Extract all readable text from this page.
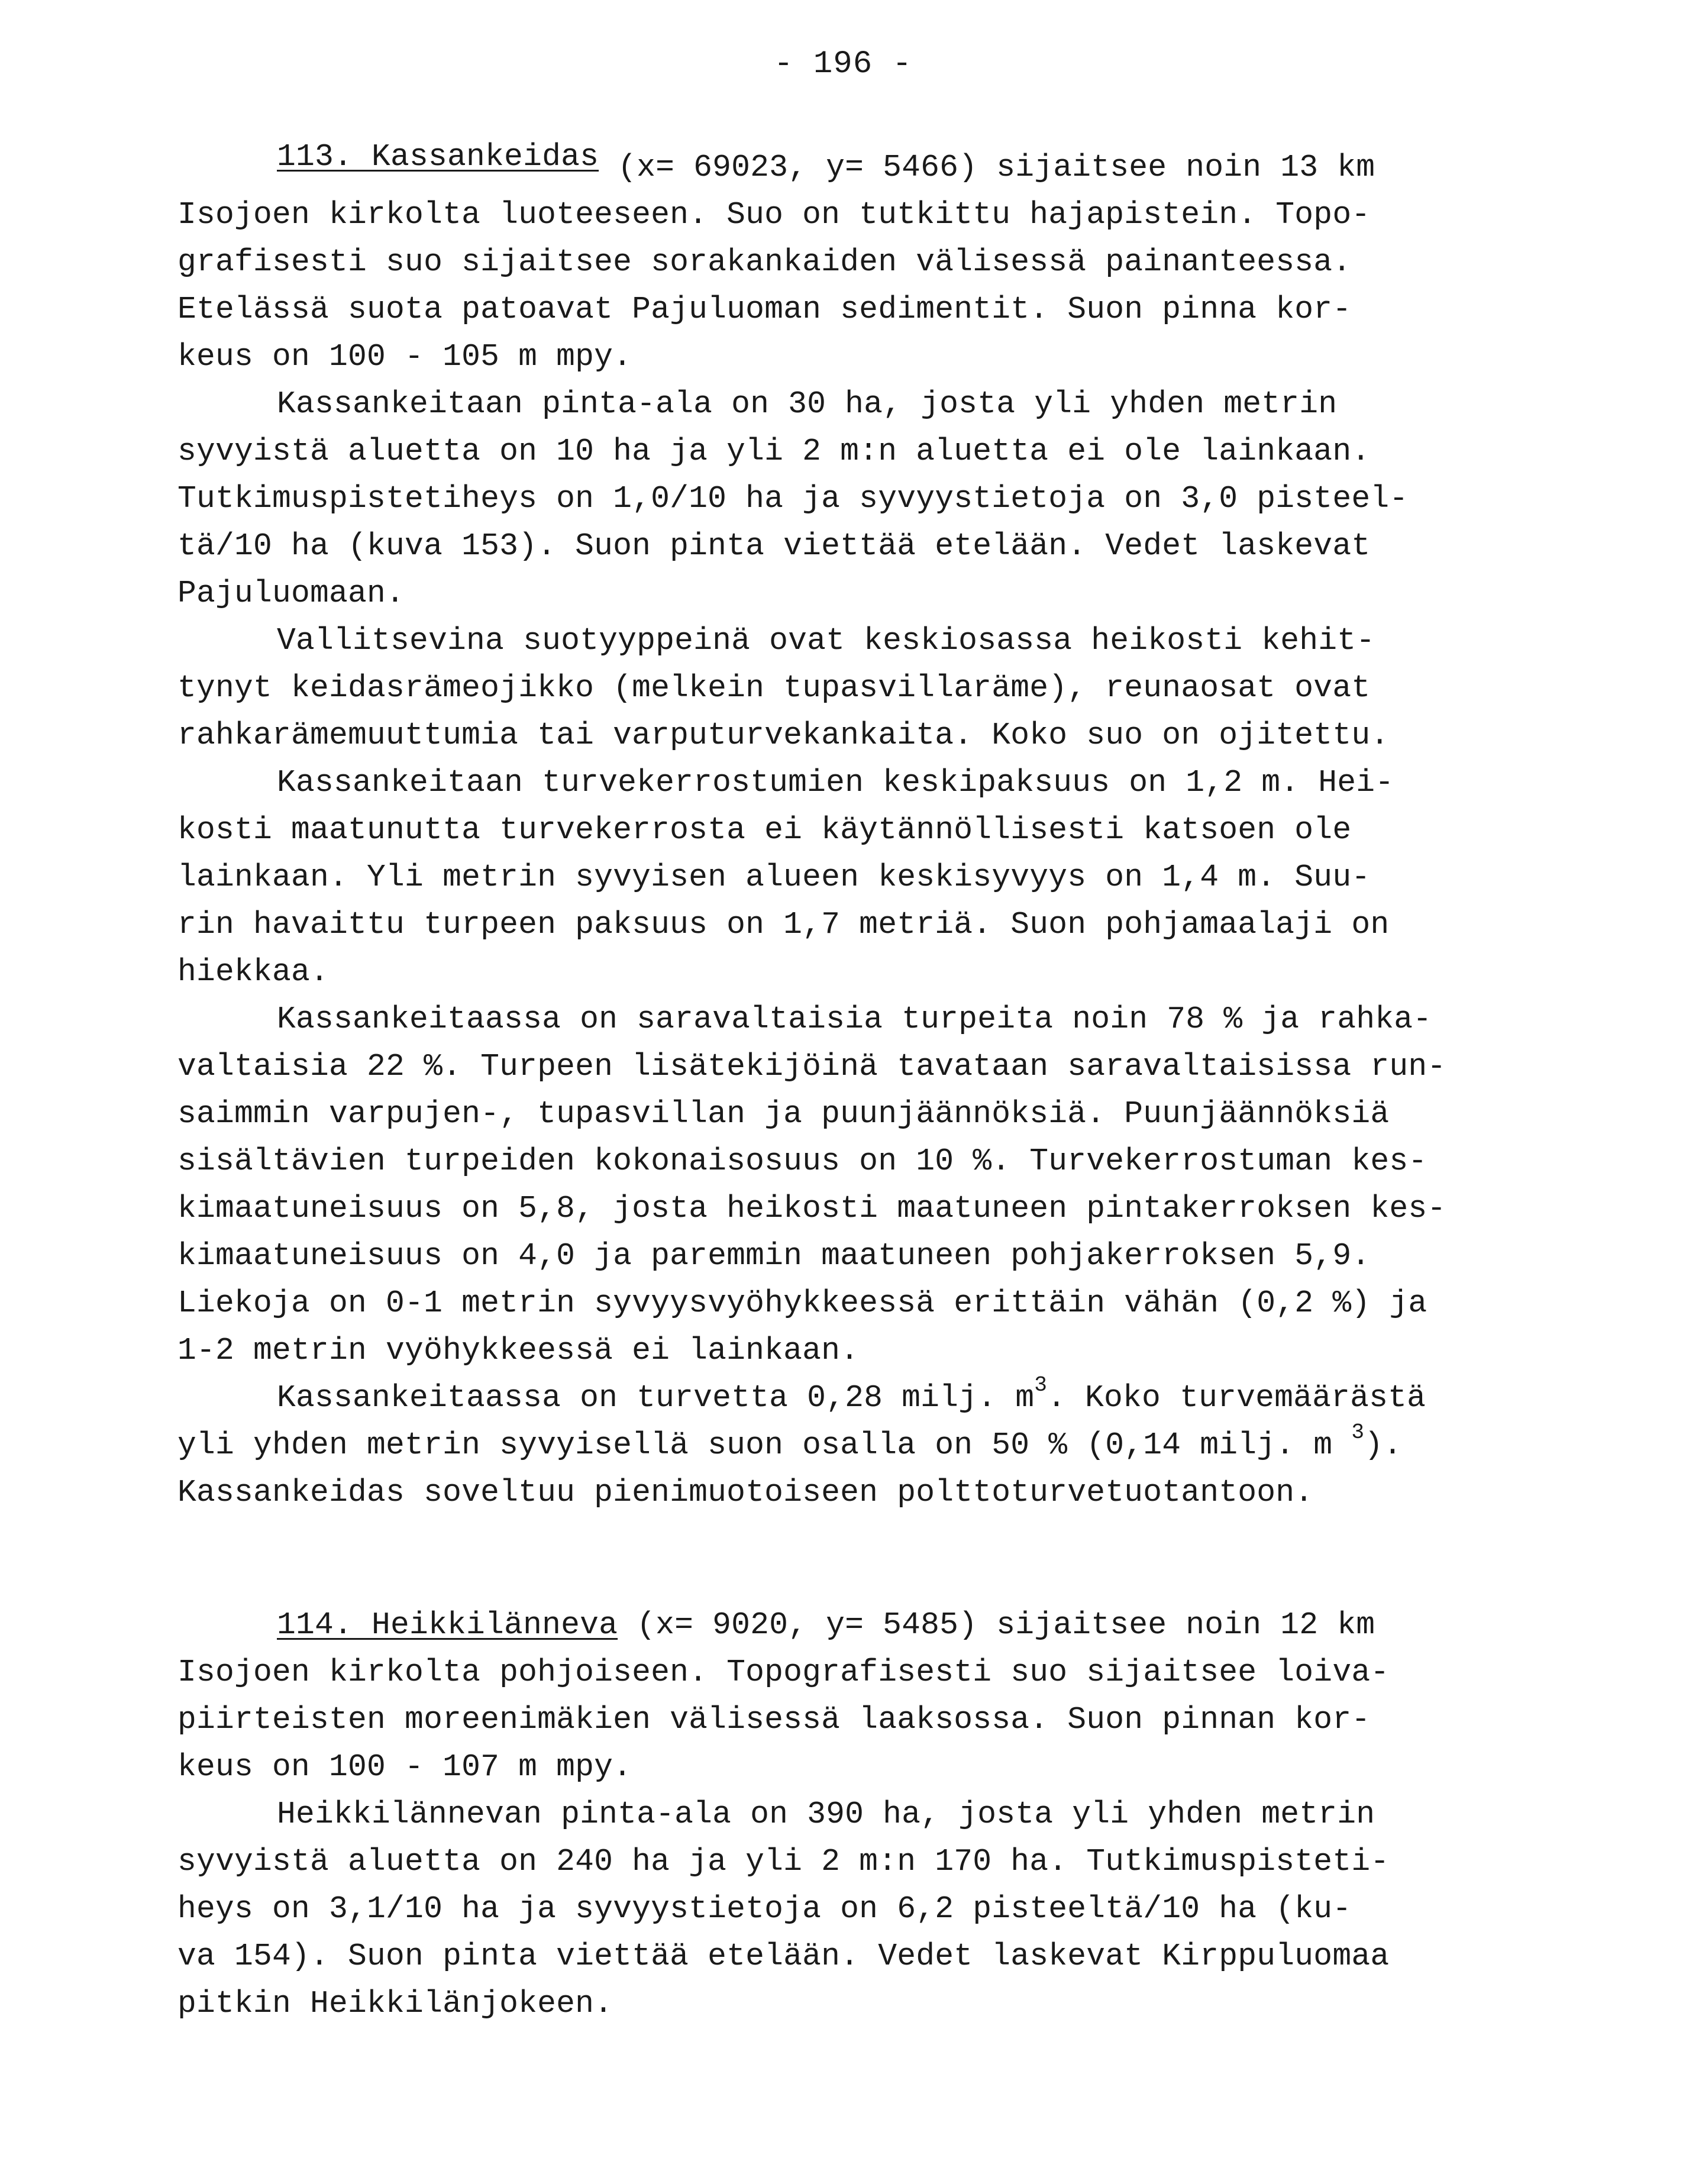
- 196 -
113. Kassankeidas (x= 69023, y= 5466) sijaitsee noin 13 km
Isojoen kirkolta luoteeseen. Suo on tutkittu hajapistein. Topo-
grafisesti suo sijaitsee sorakankaiden välisessä painanteessa.
Etelässä suota patoavat Pajuluoman sedimentit. Suon pinna kor-
keus on 100 - 105 m mpy.
Kassankeitaan pinta-ala on 30 ha, josta yli yhden metrin
syvyistä aluetta on 10 ha ja yli 2 m:n aluetta ei ole lainkaan.
Tutkimuspistetiheys on 1,0/10 ha ja syvyystietoja on 3,0 pisteel-
tä/10 ha (kuva 153). Suon pinta viettää etelään. Vedet laskevat
Pajuluomaan.
Vallitsevina suotyyppeinä ovat keskiosassa heikosti kehit-
tynyt keidasrämeojikko (melkein tupasvillaräme), reunaosat ovat
rahkarämemuuttumia tai varputurvekankaita. Koko suo on ojitettu.
Kassankeitaan turvekerrostumien keskipaksuus on 1,2 m. Hei-
kosti maatunutta turvekerrosta ei käytännöllisesti katsoen ole
lainkaan. Yli metrin syvyisen alueen keskisyvyys on 1,4 m. Suu-
rin havaittu turpeen paksuus on 1,7 metriä. Suon pohjamaalaji on
hiekkaa.
Kassankeitaassa on saravaltaisia turpeita noin 78 % ja rahka-
valtaisia 22 %. Turpeen lisätekijöinä tavataan saravaltaisissa run-
saimmin varpujen-, tupasvillan ja puunjäännöksiä. Puunjäännöksiä
sisältävien turpeiden kokonaisosuus on 10 %. Turvekerrostuman kes-
kimaatuneisuus on 5,8, josta heikosti maatuneen pintakerroksen kes-
kimaatuneisuus on 4,0 ja paremmin maatuneen pohjakerroksen 5,9.
Liekoja on 0-1 metrin syvyysvyöhykkeessä erittäin vähän (0,2 %) ja
1-2 metrin vyöhykkeessä ei lainkaan.
Kassankeitaassa on turvetta 0,28 milj. $m^3$. Koko turvemäärästä
yli yhden metrin syvyisellä suon osalla on 50 % (0,14 milj. m $^3$).
Kassankeidas soveltuu pienimuotoiseen polttoturvetuotantoon.
114. Heikkilänneva (x= 9020, y= 5485) sijaitsee noin 12 km
Isojoen kirkolta pohjoiseen. Topografisesti suo sijaitsee loiva-
piirteisten moreenimäkien välisessä laaksossa. Suon pinnan kor-
keus on 100 - 107 m mpy.
Heikkilännevan pinta-ala on 390 ha, josta yli yhden metrin
syvyistä aluetta on 240 ha ja yli 2 m:n 170 ha. Tutkimuspisteti-
heys on 3,1/10 ha ja syvyystietoja on 6,2 pisteeltä/10 ha (ku-
va 154). Suon pinta viettää etelään. Vedet laskevat Kirppuluomaa
pitkin Heikkilänjokeen.
